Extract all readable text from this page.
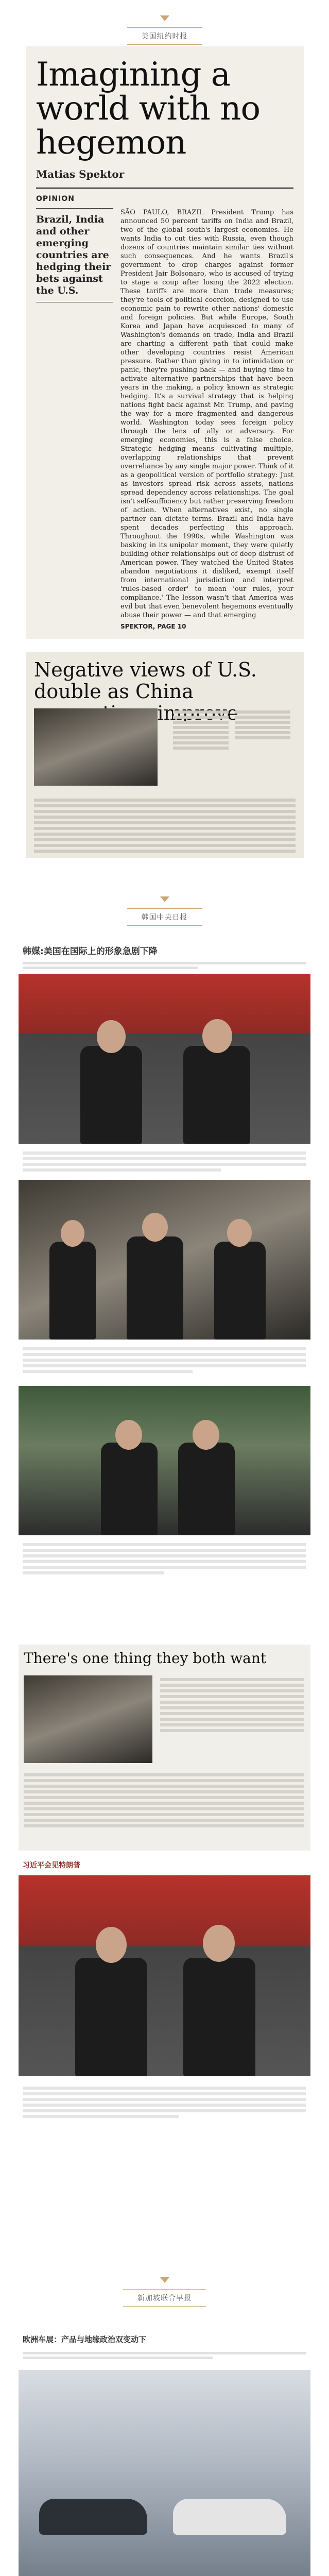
美国纽约时报
Imagining a world with no hegemon
Matias Spektor
OPINION
Brazil, India and other emerging countries are hedging their bets against the U.S.
SÃO PAULO, BRAZIL President Trump has announced 50 percent tariffs on India and Brazil, two of the global south's largest economies. He wants India to cut ties with Russia, even though dozens of countries maintain similar ties without such consequences. And he wants Brazil's government to drop charges against former President Jair Bolsonaro, who is accused of trying to stage a coup after losing the 2022 election. These tariffs are more than trade measures; they're tools of political coercion, designed to use economic pain to rewrite other nations' domestic and foreign policies. But while Europe, South Korea and Japan have acquiesced to many of Washington's demands on trade, India and Brazil are charting a different path that could make other developing countries resist American pressure. Rather than giving in to intimidation or panic, they're pushing back — and buying time to activate alternative partnerships that have been years in the making, a policy known as strategic hedging. It's a survival strategy that is helping nations fight back against Mr. Trump, and paving the way for a more fragmented and dangerous world. Washington today sees foreign policy through the lens of ally or adversary. For emerging economies, this is a false choice. Strategic hedging means cultivating multiple, overlapping relationships that prevent overreliance by any single major power. Think of it as a geopolitical version of portfolio strategy: Just as investors spread risk across assets, nations spread dependency across relationships. The goal isn't self-sufficiency but rather preserving freedom of action. When alternatives exist, no single partner can dictate terms. Brazil and India have spent decades perfecting this approach. Throughout the 1990s, while Washington was basking in its unipolar moment, they were quietly building other relationships out of deep distrust of American power. They watched the United States abandon negotiations it disliked, exempt itself from international jurisdiction and interpret 'rules-based order' to mean 'our rules, your compliance.' The lesson wasn't that America was evil but that even benevolent hegemons eventually abuse their power — and that emerging
SPEKTOR, PAGE 10
Negative views of U.S. double as China
韩国中央日报
韩媒:美国在国际上的形象急剧下降
There's one thing they both want
习近平会见特朗普
新加坡联合早报
欧洲车展：产品与地缘政治双变动下
